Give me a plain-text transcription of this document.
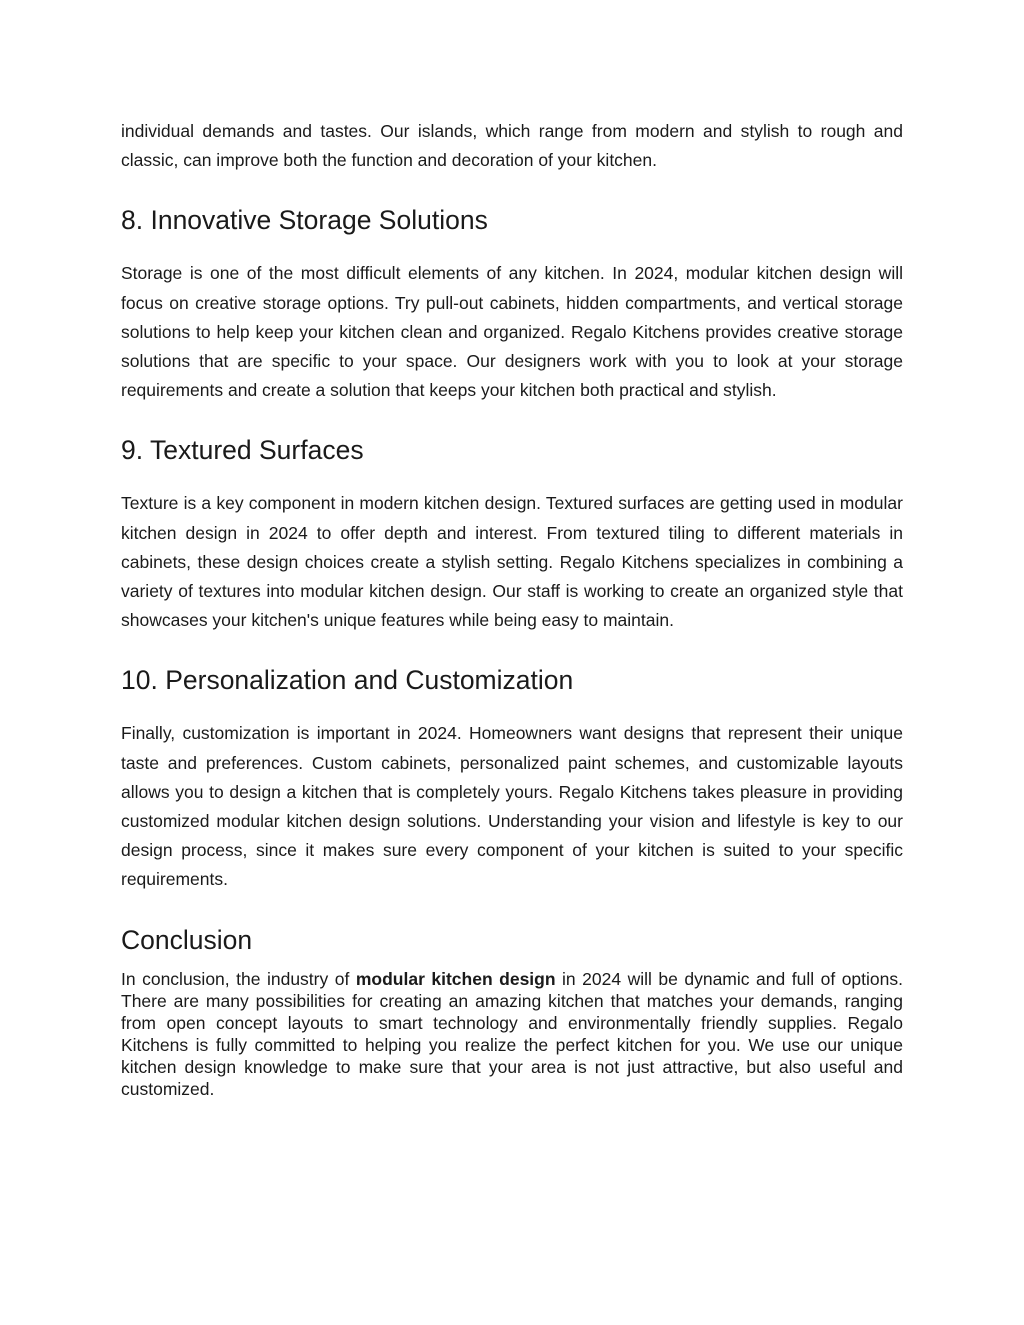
individual demands and tastes. Our islands, which range from modern and stylish to rough and classic, can improve both the function and decoration of your kitchen.

8. Innovative Storage Solutions

Storage is one of the most difficult elements of any kitchen. In 2024, modular kitchen design will focus on creative storage options. Try pull-out cabinets, hidden compartments, and vertical storage solutions to help keep your kitchen clean and organized. Regalo Kitchens provides creative storage solutions that are specific to your space. Our designers work with you to look at your storage requirements and create a solution that keeps your kitchen both practical and stylish.

9. Textured Surfaces

Texture is a key component in modern kitchen design. Textured surfaces are getting used in modular kitchen design in 2024 to offer depth and interest. From textured tiling to different materials in cabinets, these design choices create a stylish setting. Regalo Kitchens specializes in combining a variety of textures into modular kitchen design. Our staff is working to create an organized style that showcases your kitchen's unique features while being easy to maintain.

10. Personalization and Customization

Finally, customization is important in 2024. Homeowners want designs that represent their unique taste and preferences. Custom cabinets, personalized paint schemes, and customizable layouts allows you to design a kitchen that is completely yours. Regalo Kitchens takes pleasure in providing customized modular kitchen design solutions. Understanding your vision and lifestyle is key to our design process, since it makes sure every component of your kitchen is suited to your specific requirements.

Conclusion

In conclusion, the industry of modular kitchen design in 2024 will be dynamic and full of options. There are many possibilities for creating an amazing kitchen that matches your demands, ranging from open concept layouts to smart technology and environmentally friendly supplies. Regalo Kitchens is fully committed to helping you realize the perfect kitchen for you. We use our unique kitchen design knowledge to make sure that your area is not just attractive, but also useful and customized.
